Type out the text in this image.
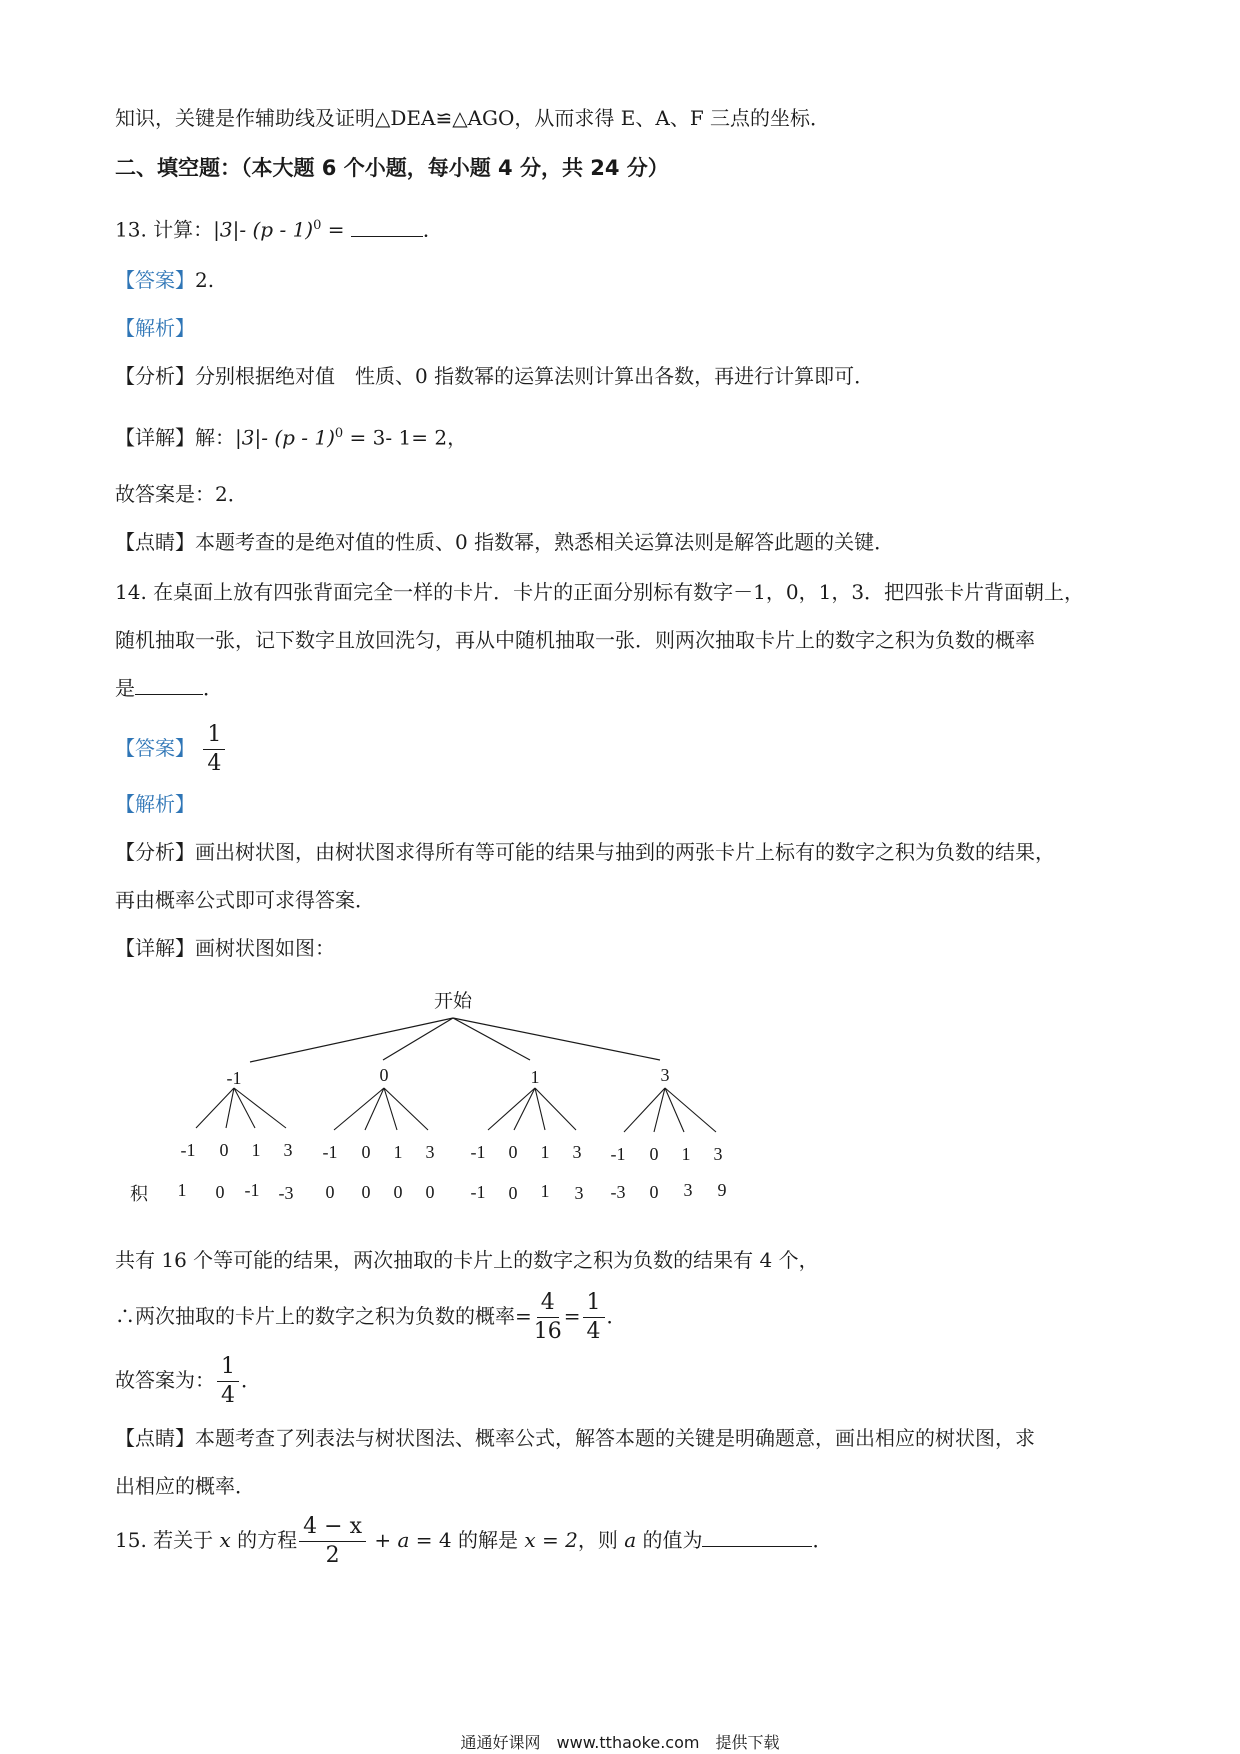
知识，关键是作辅助线及证明△DEA≌△AGO，从而求得 E、A、F 三点的坐标．
二、填空题：（本大题 6 个小题，每小题 4 分，共 24 分）
13. 计算：|3|- (p - 1)$^0$ =	．
【答案】2.
【解析】
【分析】分别根据绝对值　性质、0 指数幂的运算法则计算出各数，再进行计算即可．
【详解】解：|3|- (p - 1)$^0$ = 3- 1= 2，
故答案是：2．
【点睛】本题考查的是绝对值的性质、0 指数幂，熟悉相关运算法则是解答此题的关键．
14. 在桌面上放有四张背面完全一样的卡片．卡片的正面分别标有数字－1，0，1，3．把四张卡片背面朝上，
随机抽取一张，记下数字且放回洗匀，再从中随机抽取一张．则两次抽取卡片上的数字之积为负数的概率
是	．
【答案】 $\frac{1}{4}$
【解析】
【分析】画出树状图，由树状图求得所有等可能的结果与抽到的两张卡片上标有的数字之积为负数的结果，
再由概率公式即可求得答案．
【详解】画树状图如图：
开始
-1	0	1	3
-1 0 1 3 -1 0 1 3 -1 0 1 3 -1 0 1 3
积 1 0 -1 -3 0 0 0 0 -1 0 1 3 -3 0 3 9
共有 16 个等可能的结果，两次抽取的卡片上的数字之积为负数的结果有 4 个，
∴两次抽取的卡片上的数字之积为负数的概率= $\frac{4}{16} = \frac{1}{4}$ ．
故答案为： $\frac{1}{4}$ ．
【点睛】本题考查了列表法与树状图法、概率公式，解答本题的关键是明确题意，画出相应的树状图，求
出相应的概率．
15. 若关于 x 的方程 $\frac{4 - x}{2} + a = 4$ 的解是 x = 2，则 a 的值为	．
通通好课网　www.tthaoke.com　提供下载
